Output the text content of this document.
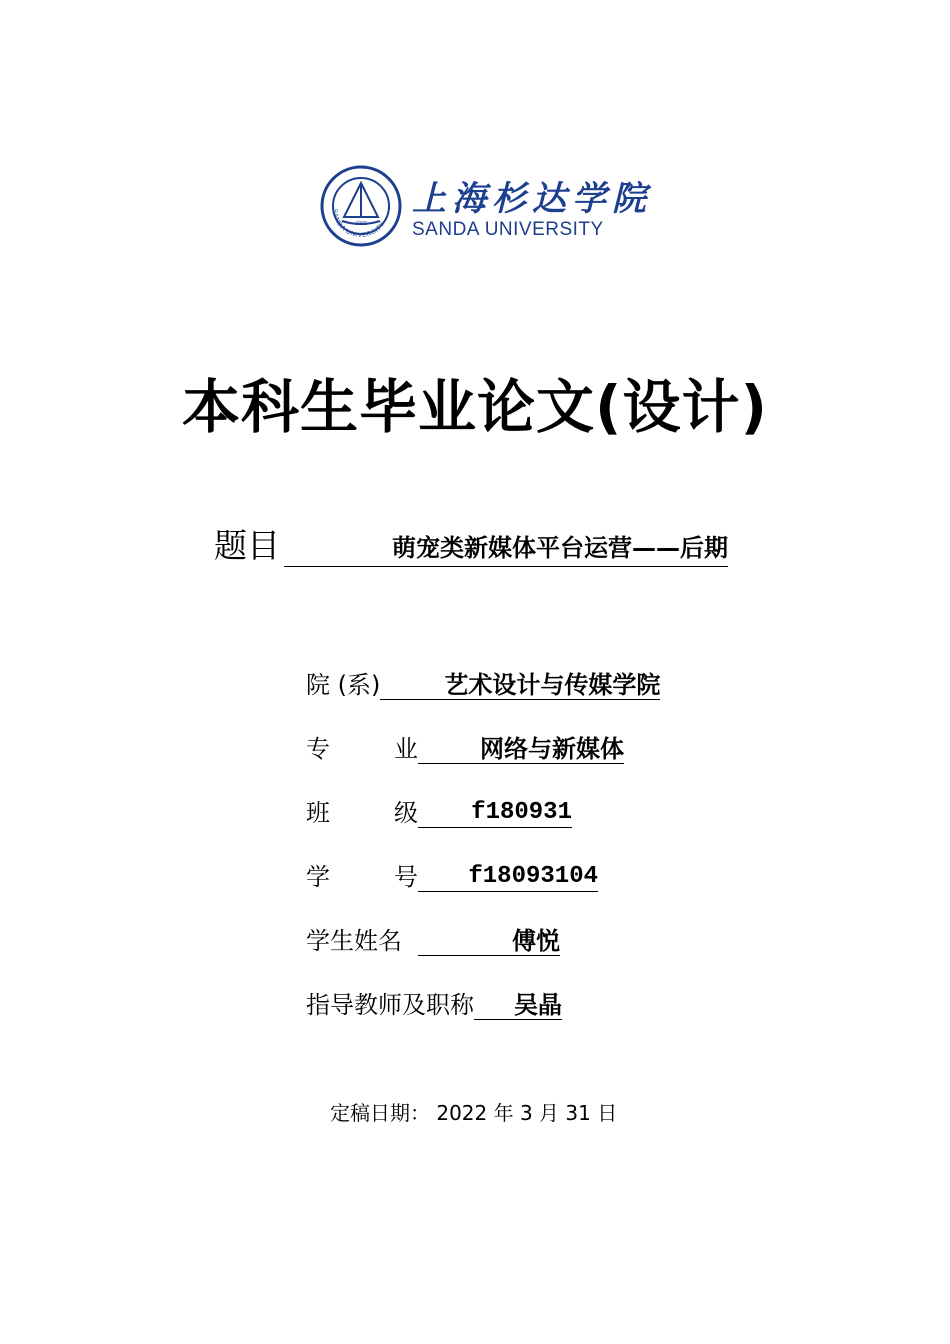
SANDA UNIVERSITY
1992
上海杉达学院
SANDA UNIVERSITY
本科生毕业论文(设计)
题目	萌宠类新媒体平台运营——后期
院 (系)	艺术设计与传媒学院
专 业	网络与新媒体
班 级 f180931
学 号 f18093104
学生姓名	傅悦
指导教师及职称 吴晶
定稿日期： 2022 年 3 月 31 日
